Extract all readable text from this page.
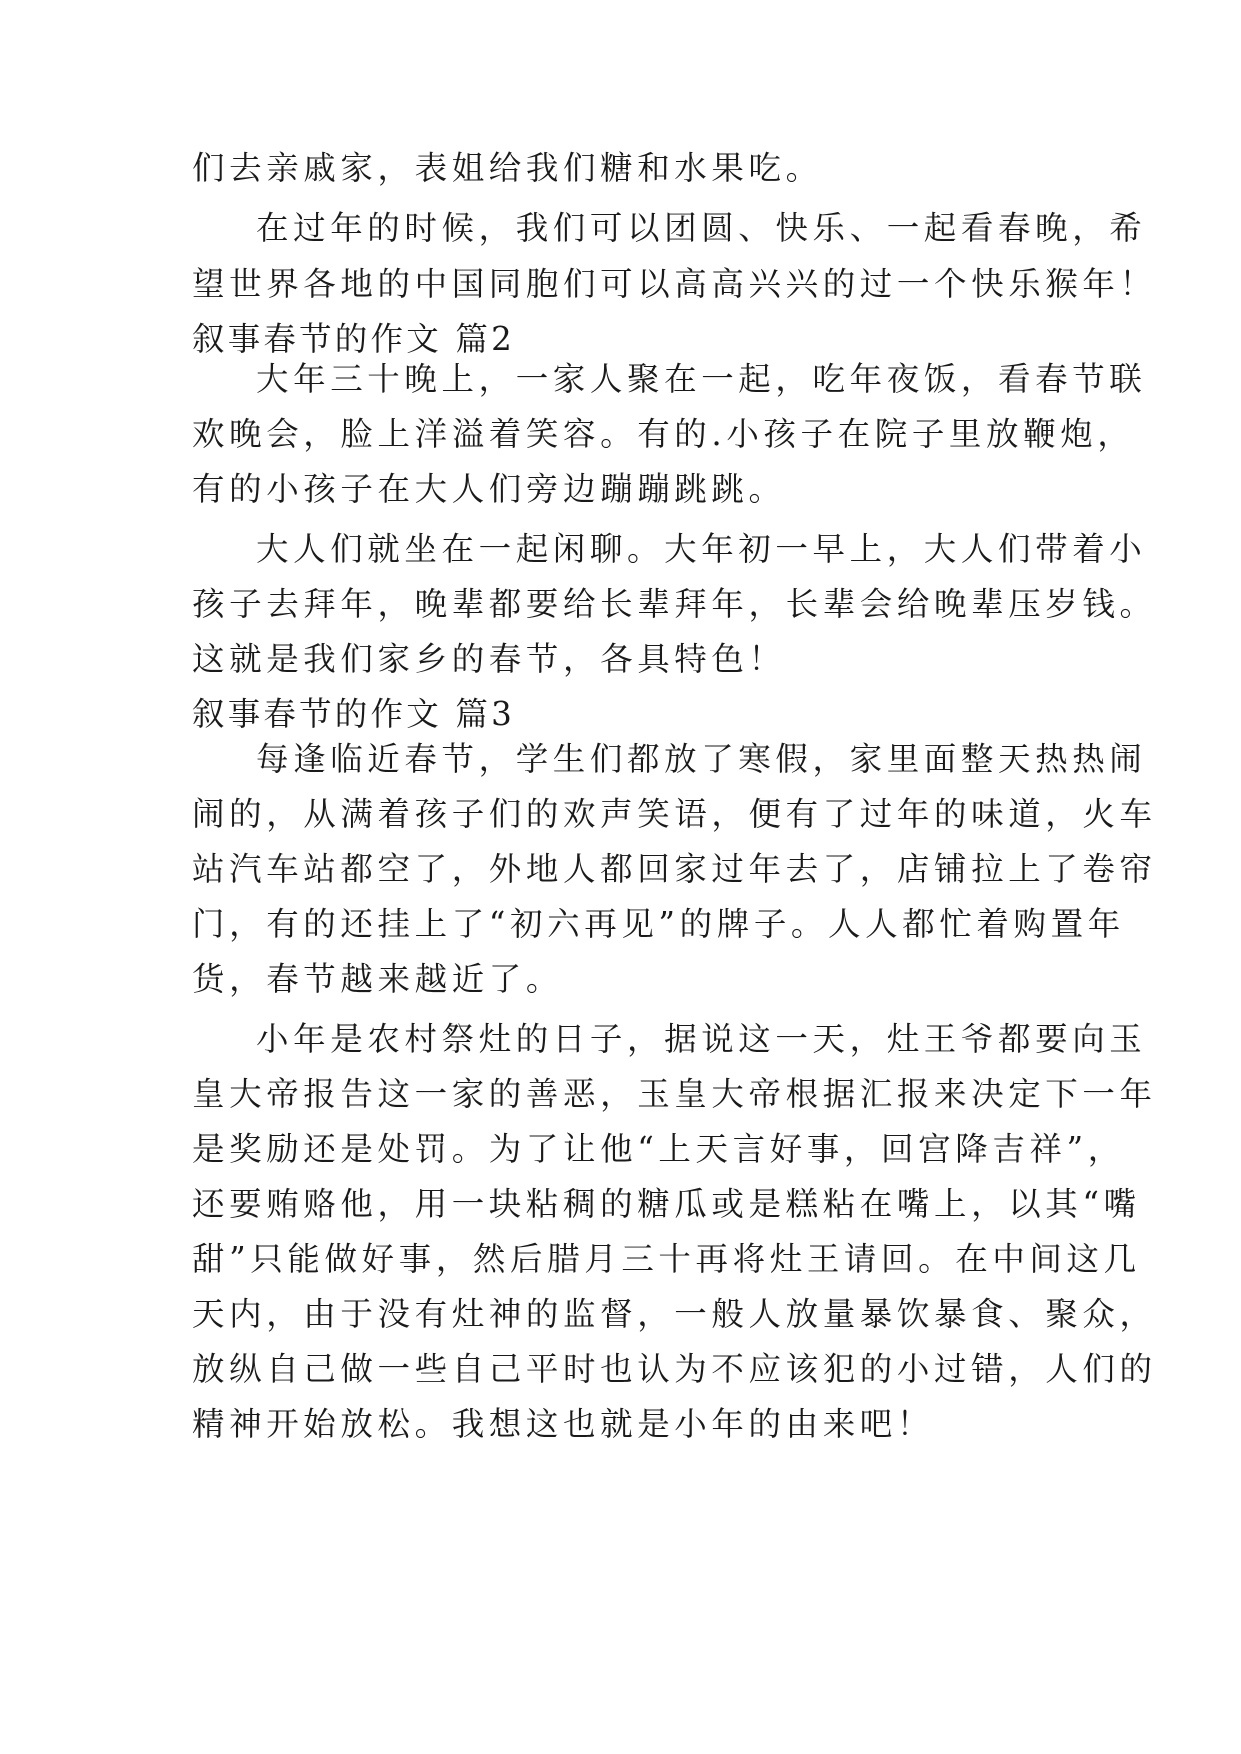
们去亲戚家，表姐给我们糖和水果吃。
在过年的时候，我们可以团圆、快乐、一起看春晚，希
望世界各地的中国同胞们可以高高兴兴的过一个快乐猴年！
叙事春节的作文 篇2
大年三十晚上，一家人聚在一起，吃年夜饭，看春节联
欢晚会，脸上洋溢着笑容。有的.小孩子在院子里放鞭炮，
有的小孩子在大人们旁边蹦蹦跳跳。
大人们就坐在一起闲聊。大年初一早上，大人们带着小
孩子去拜年，晚辈都要给长辈拜年，长辈会给晚辈压岁钱。
这就是我们家乡的春节，各具特色！
叙事春节的作文 篇3
每逢临近春节，学生们都放了寒假，家里面整天热热闹
闹的，从满着孩子们的欢声笑语，便有了过年的味道，火车
站汽车站都空了，外地人都回家过年去了，店铺拉上了卷帘
门，有的还挂上了“初六再见”的牌子。人人都忙着购置年
货，春节越来越近了。
小年是农村祭灶的日子，据说这一天，灶王爷都要向玉
皇大帝报告这一家的善恶，玉皇大帝根据汇报来决定下一年
是奖励还是处罚。为了让他“上天言好事，回宫降吉祥”，
还要贿赂他，用一块粘稠的糖瓜或是糕粘在嘴上，以其“嘴
甜”只能做好事，然后腊月三十再将灶王请回。在中间这几
天内，由于没有灶神的监督，一般人放量暴饮暴食、聚众，
放纵自己做一些自己平时也认为不应该犯的小过错，人们的
精神开始放松。我想这也就是小年的由来吧！
